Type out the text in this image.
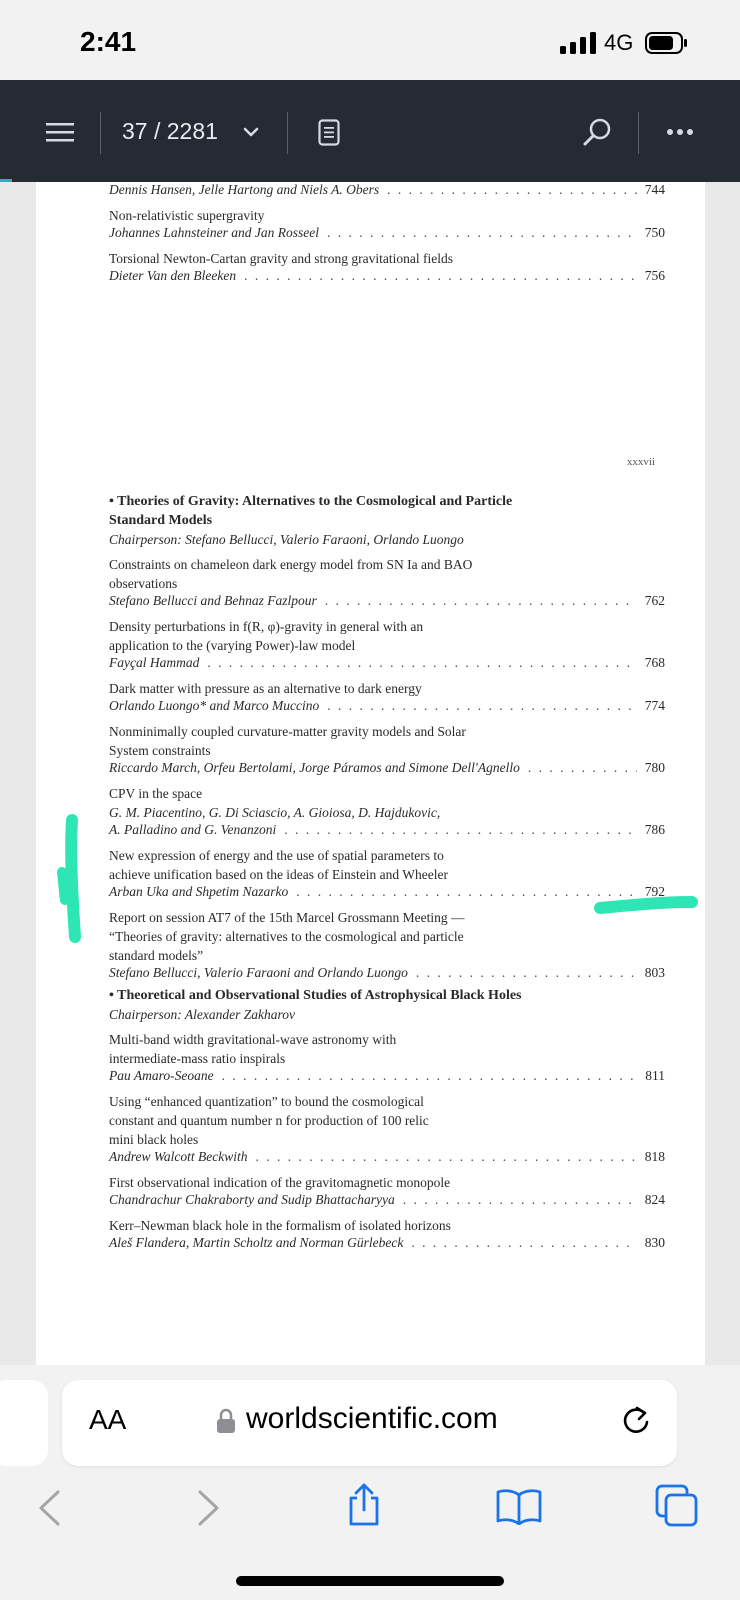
2:41	4G
37 / 2281
Dennis Hansen, Jelle Hartong and Niels A. Obers . . .	744
Non-relativistic supergravity
Johannes Lahnsteiner and Jan Rosseel . . .	750
Torsional Newton-Cartan gravity and strong gravitational fields
Dieter Van den Bleeken . . .	756
xxxvii
• Theories of Gravity: Alternatives to the Cosmological and Particle
Standard Models
Chairperson: Stefano Bellucci, Valerio Faraoni, Orlando Luongo
Constraints on chameleon dark energy model from SN Ia and BAO
observations
Stefano Bellucci and Behnaz Fazlpour . . .	762
Density perturbations in f(R, φ)-gravity in general with an
application to the (varying Power)-law model
Fayçal Hammad . . .	768
Dark matter with pressure as an alternative to dark energy
Orlando Luongo* and Marco Muccino . . .	774
Nonminimally coupled curvature-matter gravity models and Solar
System constraints
Riccardo March, Orfeu Bertolami, Jorge Páramos and Simone Dell'Agnello . . .	780
CPV in the space
G. M. Piacentino, G. Di Sciascio, A. Gioiosa, D. Hajdukovic,
A. Palladino and G. Venanzoni . . .	786
New expression of energy and the use of spatial parameters to
achieve unification based on the ideas of Einstein and Wheeler
Arban Uka and Shpetim Nazarko . . .	792
Report on session AT7 of the 15th Marcel Grossmann Meeting —
“Theories of gravity: alternatives to the cosmological and particle
standard models”
Stefano Bellucci, Valerio Faraoni and Orlando Luongo . . .	803
• Theoretical and Observational Studies of Astrophysical Black Holes
Chairperson: Alexander Zakharov
Multi-band width gravitational-wave astronomy with
intermediate-mass ratio inspirals
Pau Amaro-Seoane . . .	811
Using “enhanced quantization” to bound the cosmological
constant and quantum number n for production of 100 relic
mini black holes
Andrew Walcott Beckwith . . .	818
First observational indication of the gravitomagnetic monopole
Chandrachur Chakraborty and Sudip Bhattacharyya . . .	824
Kerr–Newman black hole in the formalism of isolated horizons
Aleš Flandera, Martin Scholtz and Norman Gürlebeck . . .	830
AA	worldscientific.com
